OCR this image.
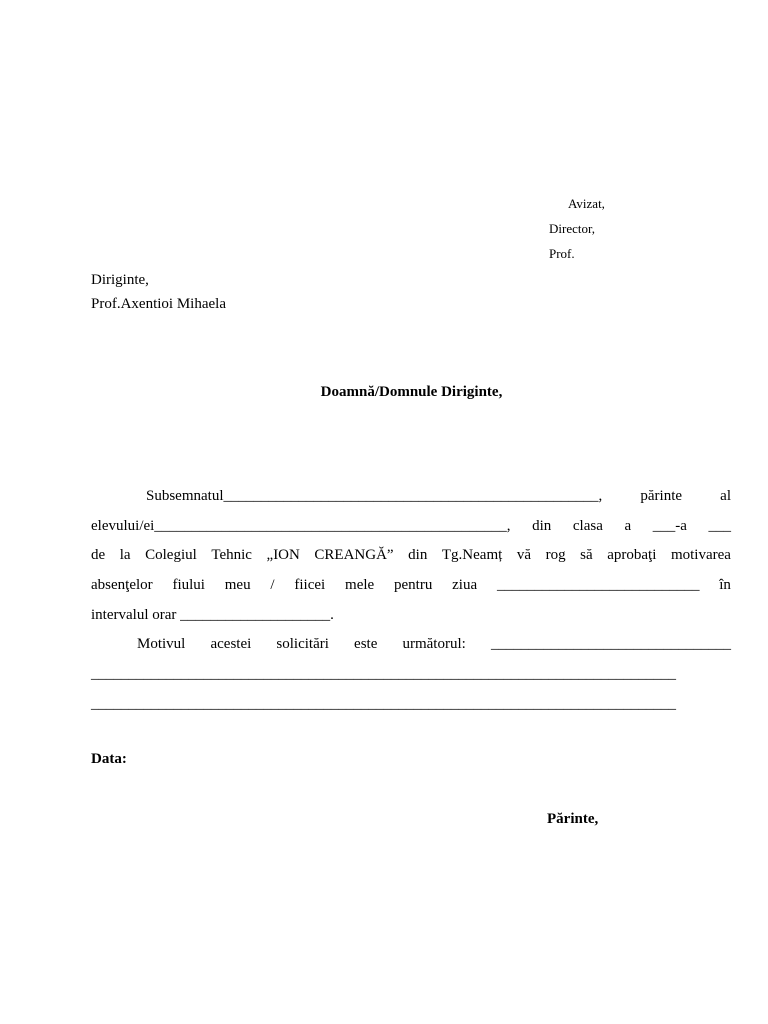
Avizat,
Director,
Prof.
Diriginte,
Prof.Axentioi Mihaela
Doamnă/Domnule Diriginte,
Subsemnatul__________________________________________________,	părinte	al
elevului/ei_______________________________________________, din clasa a ___-a ___
de la Colegiul Tehnic „ION CREANGĂ” din Tg.Neamț vă rog să aprobaţi motivarea
absenţelor fiului meu / fiicei mele pentru ziua ___________________________ în
intervalul orar ____________________.
Motivul acestei solicitări este următorul: ________________________________
______________________________________________________________________________
______________________________________________________________________________
Data:
Părinte,
